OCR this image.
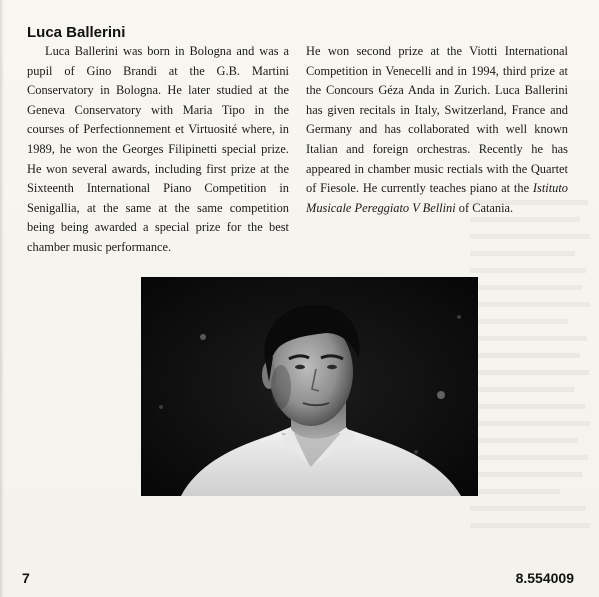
Luca Ballerini

Luca Ballerini was born in Bologna and was a pupil of Gino Brandi at the G.B. Martini Conservatory in Bologna. He later studied at the Geneva Conservatory with Maria Tipo in the courses of Perfectionnement et Virtuosité where, in 1989, he won the Georges Filipinetti special prize. He won several awards, including first prize at the Sixteenth International Piano Competition in Senigallia, at the same at the same competition being being awarded a special prize for the best chamber music performance.

He won second prize at the Viotti International Competition in Venecelli and in 1994, third prize at the Concours Géza Anda in Zurich. Luca Ballerini has given recitals in Italy, Switzerland, France and Germany and has collaborated with well known Italian and foreign orchestras. Recently he has appeared in chamber music rectials with the Quartet of Fiesole. He currently teaches piano at the Istituto Musicale Pereggiato V Bellini of Catania.

7	8.554009
